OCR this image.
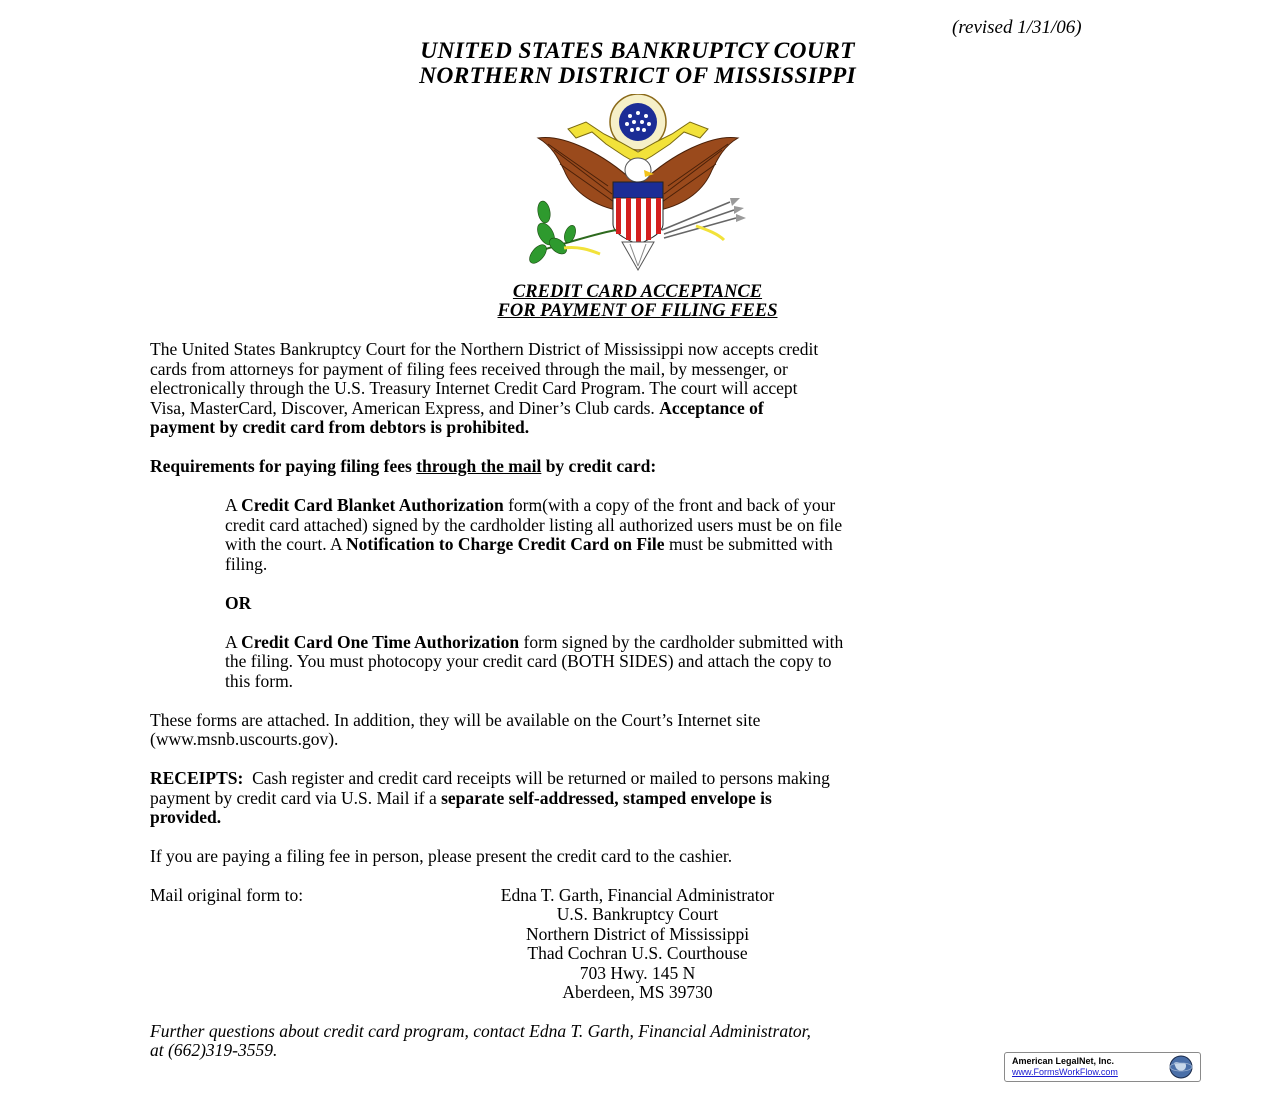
(revised 1/31/06)
UNITED STATES BANKRUPTCY COURT
NORTHERN DISTRICT OF MISSISSIPPI
CREDIT CARD ACCEPTANCE
FOR PAYMENT OF FILING FEES
The United States Bankruptcy Court for the Northern District of Mississippi now accepts credit
cards from attorneys for payment of filing fees received through the mail, by messenger, or
electronically through the U.S. Treasury Internet Credit Card Program. The court will accept
Visa, MasterCard, Discover, American Express, and Diner’s Club cards. Acceptance of
payment by credit card from debtors is prohibited.
Requirements for paying filing fees through the mail by credit card:
A Credit Card Blanket Authorization form(with a copy of the front and back of your
credit card attached) signed by the cardholder listing all authorized users must be on file
with the court. A Notification to Charge Credit Card on File must be submitted with
filing.
OR
A Credit Card One Time Authorization form signed by the cardholder submitted with
the filing. You must photocopy your credit card (BOTH SIDES) and attach the copy to
this form.
These forms are attached. In addition, they will be available on the Court’s Internet site
(www.msnb.uscourts.gov).
RECEIPTS:  Cash register and credit card receipts will be returned or mailed to persons making
payment by credit card via U.S. Mail if a separate self-addressed, stamped envelope is
provided.
If you are paying a filing fee in person, please present the credit card to the cashier.
Mail original form to:	Edna T. Garth, Financial Administrator
U.S. Bankruptcy Court
Northern District of Mississippi
Thad Cochran U.S. Courthouse
703 Hwy. 145 N
Aberdeen, MS 39730
Further questions about credit card program, contact Edna T. Garth, Financial Administrator,
at (662)319-3559.
American LegalNet, Inc.
www.FormsWorkFlow.com
